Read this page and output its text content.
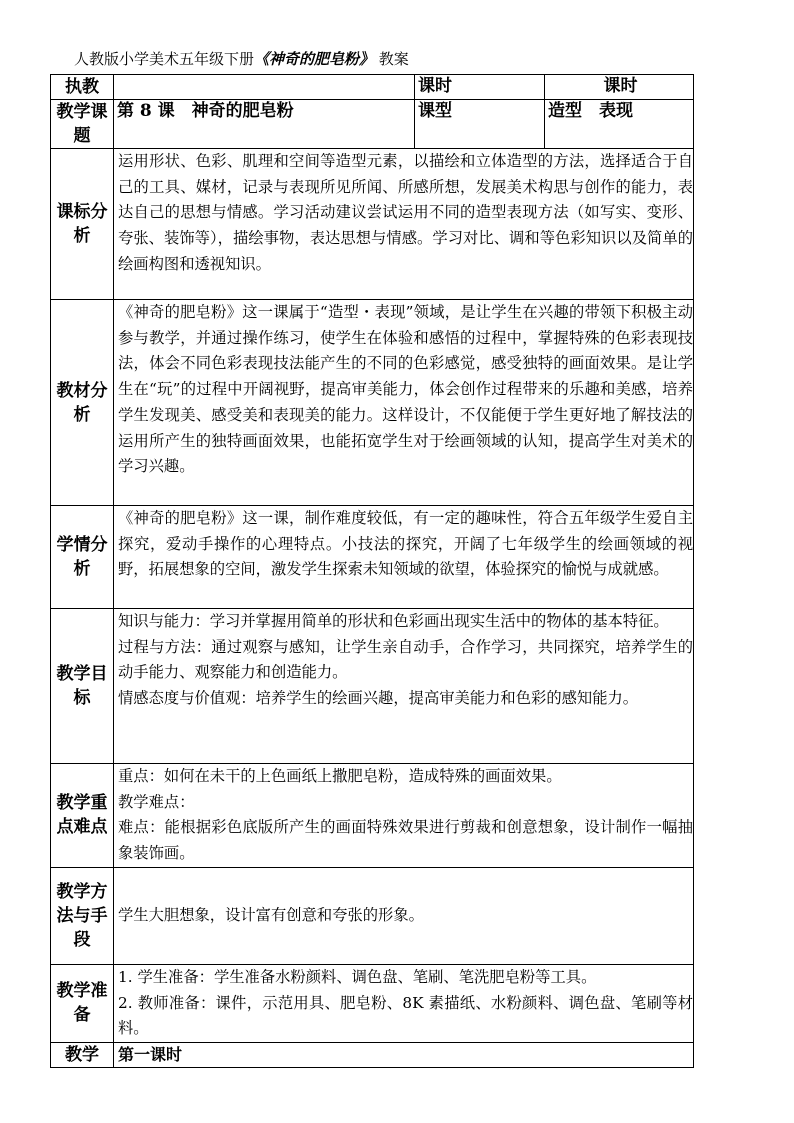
人教版小学美术五年级下册《神奇的肥皂粉》 教案
执教		课时	课时
教学课题	第 8 课　神奇的肥皂粉	课型	造型　表现
课标分析	运用形状、色彩、肌理和空间等造型元素，以描绘和立体造型的方法，选择适合于自己的工具、媒材，记录与表现所见所闻、所感所想，发展美术构思与创作的能力，表达自己的思想与情感。学习活动建议尝试运用不同的造型表现方法（如写实、变形、夸张、装饰等），描绘事物，表达思想与情感。学习对比、调和等色彩知识以及简单的绘画构图和透视知识。		
教材分析	《神奇的肥皂粉》这一课属于“造型・表现”领域，是让学生在兴趣的带领下积极主动参与教学，并通过操作练习，使学生在体验和感悟的过程中，掌握特殊的色彩表现技法，体会不同色彩表现技法能产生的不同的色彩感觉，感受独特的画面效果。是让学生在“玩”的过程中开阔视野，提高审美能力，体会创作过程带来的乐趣和美感，培养学生发现美、感受美和表现美的能力。这样设计，不仅能便于学生更好地了解技法的运用所产生的独特画面效果，也能拓宽学生对于绘画领域的认知，提高学生对美术的学习兴趣。		
学情分析	《神奇的肥皂粉》这一课，制作难度较低，有一定的趣味性，符合五年级学生爱自主探究，爱动手操作的心理特点。小技法的探究，开阔了七年级学生的绘画领域的视野，拓展想象的空间，激发学生探索未知领域的欲望，体验探究的愉悦与成就感。		
教学目标	知识与能力：学习并掌握用简单的形状和色彩画出现实生活中的物体的基本特征。

过程与方法：通过观察与感知，让学生亲自动手，合作学习，共同探究，培养学生的动手能力、观察能力和创造能力。

情感态度与价值观：培养学生的绘画兴趣，提高审美能力和色彩的感知能力。		

教学重点难点	重点：如何在未干的上色画纸上撒肥皂粉，造成特殊的画面效果。

教学难点：

难点：能根据彩色底版所产生的画面特殊效果进行剪裁和创意想象，设计制作一幅抽象装饰画。		

教学方法与手段	学生大胆想象，设计富有创意和夸张的形象。		
教学准备	1. 学生准备：学生准备水粉颜料、调色盘、笔刷、笔洗肥皂粉等工具。

2. 教师准备：课件，示范用具、肥皂粉、8K 素描纸、水粉颜料、调色盘、笔刷等材料。		

教学	第一课时		
